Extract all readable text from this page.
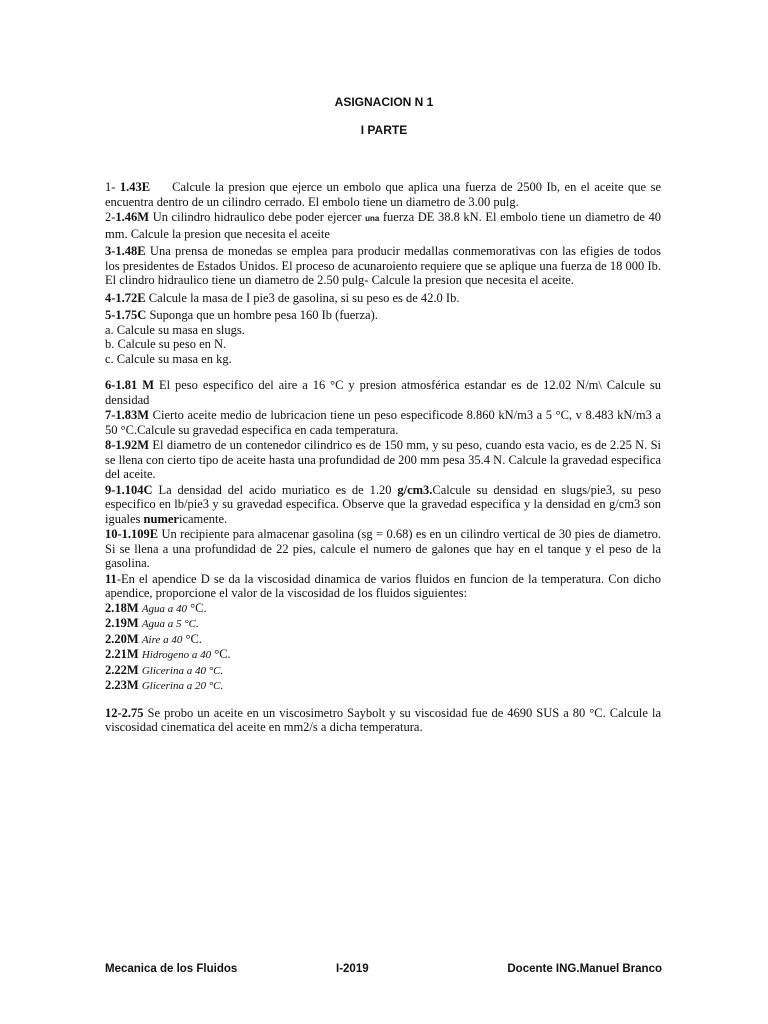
ASIGNACION N 1
I PARTE

1- 1.43E Calcule la presion que ejerce un embolo que aplica una fuerza de 2500 Ib, en el aceite que se encuentra dentro de un cilindro cerrado. El embolo tiene un diametro de 3.00 pulg.

2-1.46M Un cilindro hidraulico debe poder ejercer una fuerza DE 38.8 kN. El embolo tiene un diametro de 40 mm. Calcule la presion que necesita el aceite

3-1.48E Una prensa de monedas se emplea para producir medallas conmemorativas con las efigies de todos los presidentes de Estados Unidos. El proceso de acunaroiento requiere que se aplique una fuerza de 18 000 Ib. El clindro hidraulico tiene un diametro de 2.50 pulg- Calcule la presion que necesita el aceite.

4-1.72E Calcule la masa de I pie3 de gasolina, si su peso es de 42.0 Ib.

5-1.75C Suponga que un hombre pesa 160 Ib (fuerza).
a. Calcule su masa en slugs.
b. Calcule su peso en N.
c. Calcule su masa en kg.

6-1.81 M El peso especifico del aire a 16 °C y presion atmosférica estandar es de 12.02 N/m\ Calcule su densidad

7-1.83M Cierto aceite medio de lubricacion tiene un peso especificode 8.860 kN/m3 a 5 °C, v 8.483 kN/m3 a 50 °C.Calcule su gravedad especifica en cada temperatura.

8-1.92M El diametro de un contenedor cilindrico es de 150 mm, y su peso, cuando esta vacio, es de 2.25 N. Si se llena con cierto tipo de aceite hasta una profundidad de 200 mm pesa 35.4 N. Calcule la gravedad especifica del aceite.

9-1.104C La densidad del acido muriatico es de 1.20 g/cm3.Calcule su densidad en slugs/pie3, su peso especifico en lb/pie3 y su gravedad especifica. Observe que la gravedad especifica y la densidad en g/cm3 son iguales numericamente.

10-1.109E Un recipiente para almacenar gasolina (sg = 0.68) es en un cilindro vertical de 30 pies de diametro. Si se llena a una profundidad de 22 pies, calcule el numero de galones que hay en el tanque y el peso de la gasolina.

11-En el apendice D se da la viscosidad dinamica de varios fluidos en funcion de la temperatura. Con dicho apendice, proporcione el valor de la viscosidad de los fluidos siguientes:
2.18M Agua a 40 °C.
2.19M Agua a 5 °C.
2.20M Aire a 40 °C.
2.21M Hidrogeno a 40 °C.
2.22M Glicerina a 40 °C.
2.23M Glicerina a 20 °C.

12-2.75 Se probo un aceite en un viscosimetro Saybolt y su viscosidad fue de 4690 SUS a 80 °C. Calcule la viscosidad cinematica del aceite en mm2/s a dicha temperatura.

Mecanica de los Fluidos	I-2019	Docente ING.Manuel Branco
